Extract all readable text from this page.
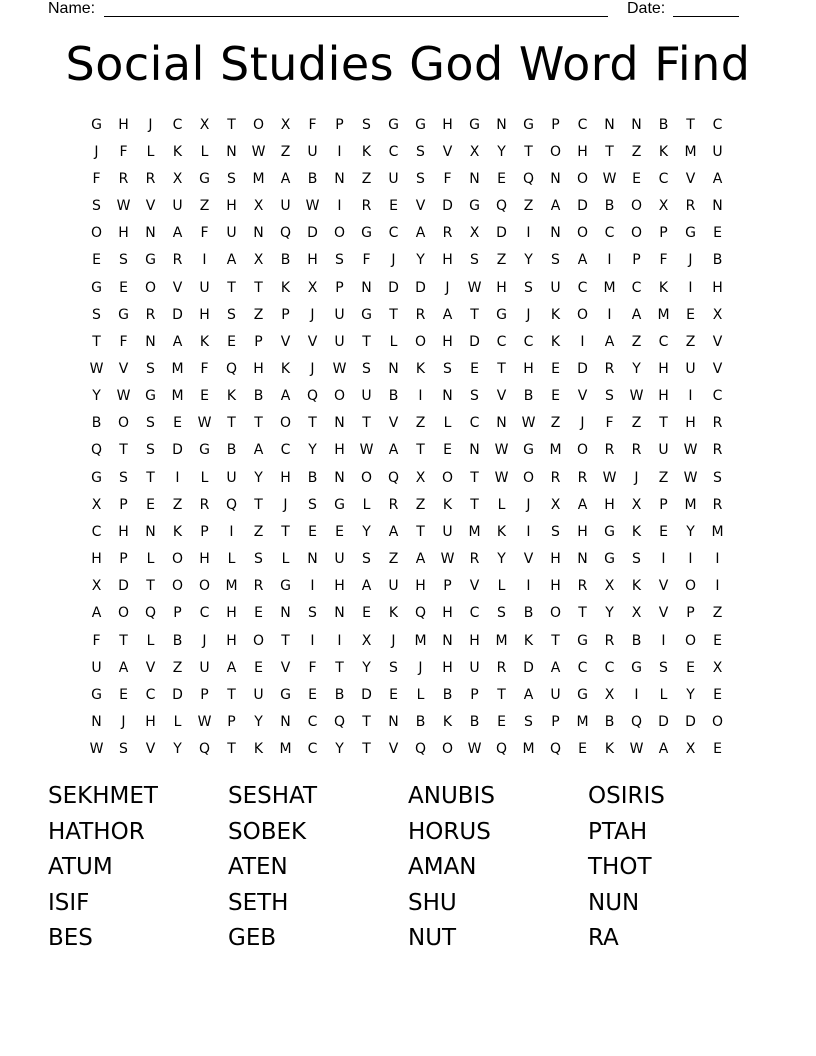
Name:	Date:
Social Studies God Word Find
G	H	J	C	X	T	O	X	F	P	S	G	G	H	G	N	G	P	C	N	N	B	T	C
J	F	L	K	L	N	W	Z	U	I	K	C	S	V	X	Y	T	O	H	T	Z	K	M	U
F	R	R	X	G	S	M	A	B	N	Z	U	S	F	N	E	Q	N	O	W	E	C	V	A
S	W	V	U	Z	H	X	U	W	I	R	E	V	D	G	Q	Z	A	D	B	O	X	R	N
O	H	N	A	F	U	N	Q	D	O	G	C	A	R	X	D	I	N	O	C	O	P	G	E
E	S	G	R	I	A	X	B	H	S	F	J	Y	H	S	Z	Y	S	A	I	P	F	J	B
G	E	O	V	U	T	T	K	X	P	N	D	D	J	W	H	S	U	C	M	C	K	I	H
S	G	R	D	H	S	Z	P	J	U	G	T	R	A	T	G	J	K	O	I	A	M	E	X
T	F	N	A	K	E	P	V	V	U	T	L	O	H	D	C	C	K	I	A	Z	C	Z	V
W	V	S	M	F	Q	H	K	J	W	S	N	K	S	E	T	H	E	D	R	Y	H	U	V
Y	W	G	M	E	K	B	A	Q	O	U	B	I	N	S	V	B	E	V	S	W	H	I	C
B	O	S	E	W	T	T	O	T	N	T	V	Z	L	C	N	W	Z	J	F	Z	T	H	R
Q	T	S	D	G	B	A	C	Y	H	W	A	T	E	N	W	G	M	O	R	R	U	W	R
G	S	T	I	L	U	Y	H	B	N	O	Q	X	O	T	W	O	R	R	W	J	Z	W	S
X	P	E	Z	R	Q	T	J	S	G	L	R	Z	K	T	L	J	X	A	H	X	P	M	R
C	H	N	K	P	I	Z	T	E	E	Y	A	T	U	M	K	I	S	H	G	K	E	Y	M
H	P	L	O	H	L	S	L	N	U	S	Z	A	W	R	Y	V	H	N	G	S	I	I	I
X	D	T	O	O	M	R	G	I	H	A	U	H	P	V	L	I	H	R	X	K	V	O	I
A	O	Q	P	C	H	E	N	S	N	E	K	Q	H	C	S	B	O	T	Y	X	V	P	Z
F	T	L	B	J	H	O	T	I	I	X	J	M	N	H	M	K	T	G	R	B	I	O	E
U	A	V	Z	U	A	E	V	F	T	Y	S	J	H	U	R	D	A	C	C	G	S	E	X
G	E	C	D	P	T	U	G	E	B	D	E	L	B	P	T	A	U	G	X	I	L	Y	E
N	J	H	L	W	P	Y	N	C	Q	T	N	B	K	B	E	S	P	M	B	Q	D	D	O
W	S	V	Y	Q	T	K	M	C	Y	T	V	Q	O	W	Q	M	Q	E	K	W	A	X	E
SEKHMET	SESHAT	ANUBIS	OSIRIS
HATHOR	SOBEK	HORUS	PTAH
ATUM	ATEN	AMAN	THOT
ISIF	SETH	SHU	NUN
BES	GEB	NUT	RA
